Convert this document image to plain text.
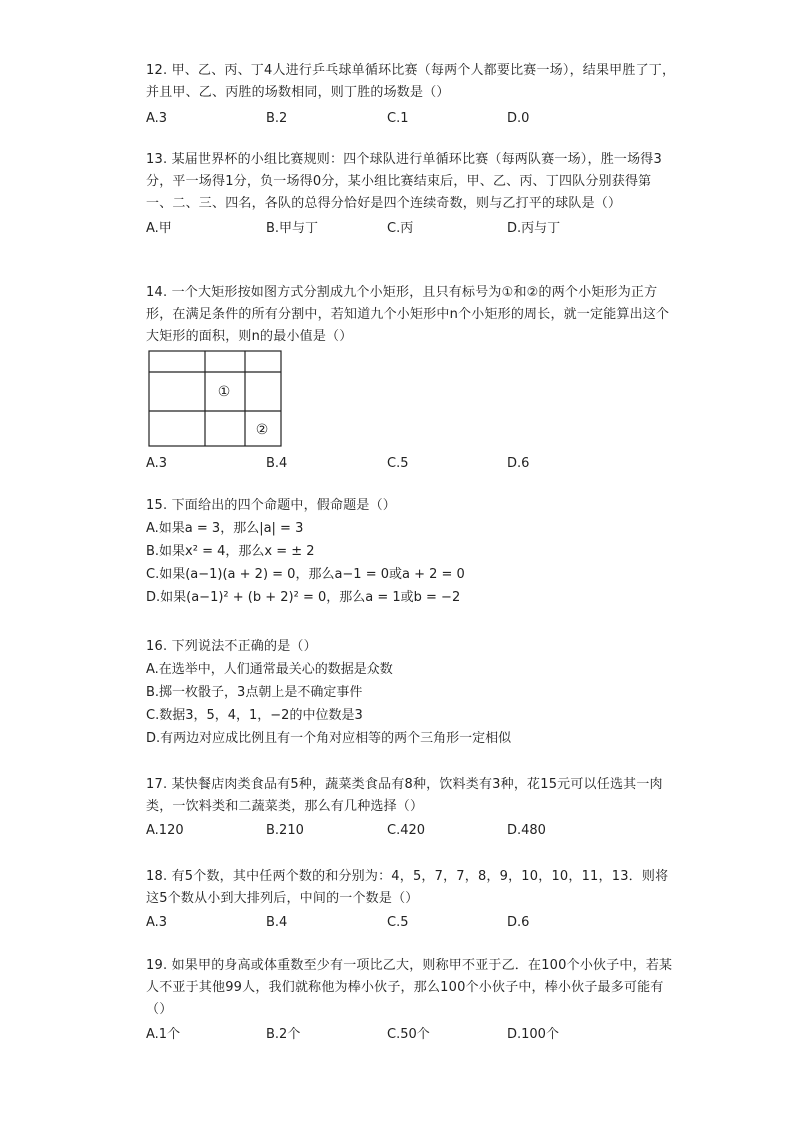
12. 甲、乙、丙、丁4人进行乒乓球单循环比赛（每两个人都要比赛一场），结果甲胜了丁，并且甲、乙、丙胜的场数相同，则丁胜的场数是（）
A.3	B.2	C.1	D.0
13. 某届世界杯的小组比赛规则：四个球队进行单循环比赛（每两队赛一场），胜一场得3分，平一场得1分，负一场得0分，某小组比赛结束后，甲、乙、丙、丁四队分别获得第一、二、三、四名，各队的总得分恰好是四个连续奇数，则与乙打平的球队是（）
A.甲	B.甲与丁	C.丙	D.丙与丁
14. 一个大矩形按如图方式分割成九个小矩形，且只有标号为①和②的两个小矩形为正方形，在满足条件的所有分割中，若知道九个小矩形中n个小矩形的周长，就一定能算出这个大矩形的面积，则n的最小值是（）
①
②
A.3	B.4	C.5	D.6
15. 下面给出的四个命题中，假命题是（）
A.如果a = 3，那么|a| = 3
B.如果x² = 4，那么x = ± 2
C.如果(a−1)(a + 2) = 0，那么a−1 = 0或a + 2 = 0
D.如果(a−1)² + (b + 2)² = 0，那么a = 1或b = −2
16. 下列说法不正确的是（）
A.在选举中，人们通常最关心的数据是众数
B.掷一枚骰子，3点朝上是不确定事件
C.数据3，5，4，1，−2的中位数是3
D.有两边对应成比例且有一个角对应相等的两个三角形一定相似
17. 某快餐店肉类食品有5种，蔬菜类食品有8种，饮料类有3种，花15元可以任选其一肉类，一饮料类和二蔬菜类，那么有几种选择（）
A.120	B.210	C.420	D.480
18. 有5个数，其中任两个数的和分别为：4，5，7，7，8，9，10，10，11，13．则将这5个数从小到大排列后，中间的一个数是（）
A.3	B.4	C.5	D.6
19. 如果甲的身高或体重数至少有一项比乙大，则称甲不亚于乙．在100个小伙子中，若某人不亚于其他99人，我们就称他为棒小伙子，那么100个小伙子中，棒小伙子最多可能有（）
A.1个	B.2个	C.50个	D.100个
